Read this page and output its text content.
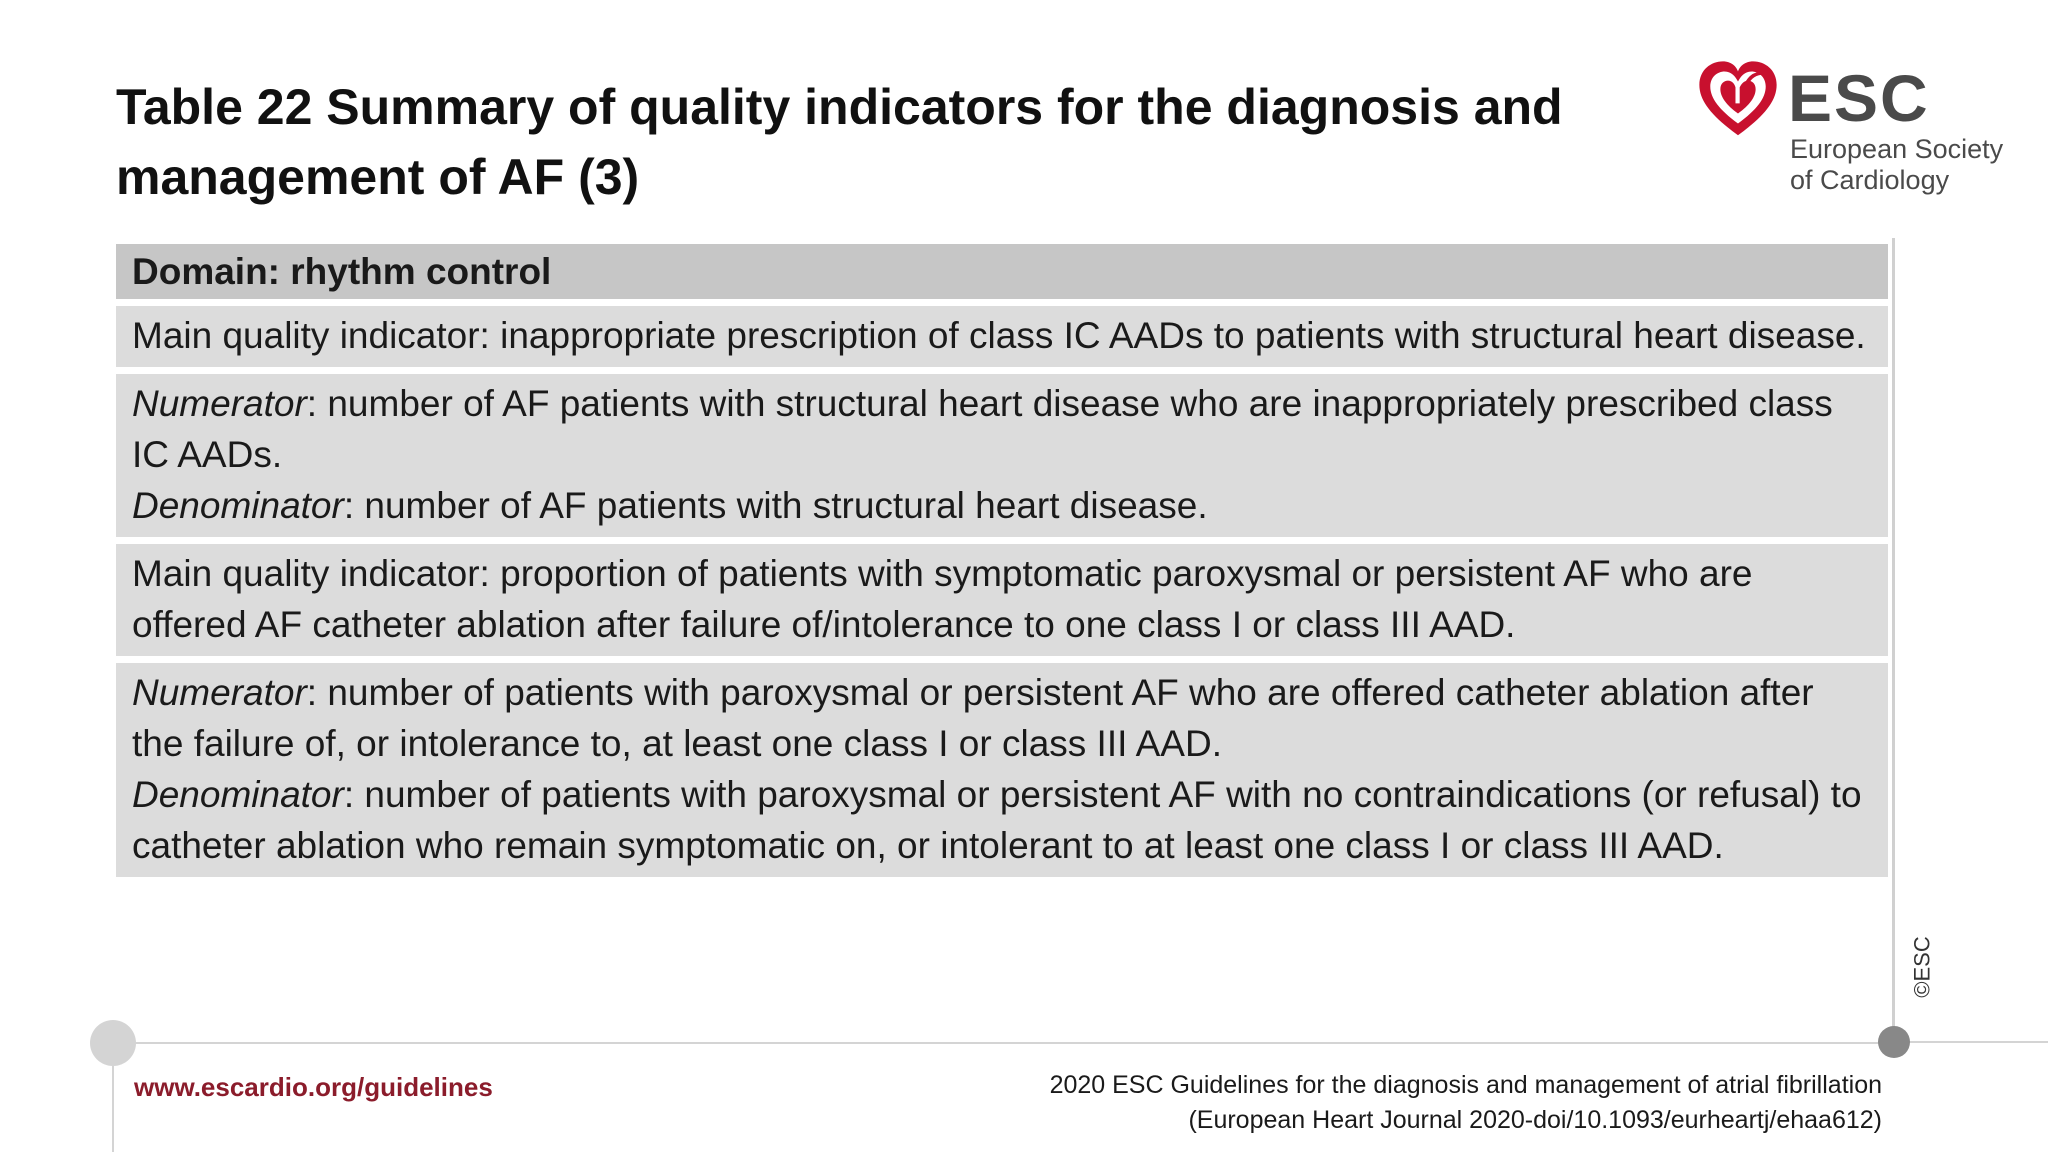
Table 22 Summary of quality indicators for the diagnosis and management of AF (3)
ESC
European Society
of Cardiology
Domain: rhythm control
Main quality indicator: inappropriate prescription of class IC AADs to patients with structural heart disease.
Numerator: number of AF patients with structural heart disease who are inappropriately prescribed class IC AADs.
Denominator: number of AF patients with structural heart disease.
Main quality indicator: proportion of patients with symptomatic paroxysmal or persistent AF who are offered AF catheter ablation after failure of/intolerance to one class I or class III AAD.
Numerator: number of patients with paroxysmal or persistent AF who are offered catheter ablation after the failure of, or intolerance to, at least one class I or class III AAD.
Denominator: number of patients with paroxysmal or persistent AF with no contraindications (or refusal) to catheter ablation who remain symptomatic on, or intolerant to at least one class I or class III AAD.
©ESC
www.escardio.org/guidelines	2020 ESC Guidelines for the diagnosis and management of atrial fibrillation
(European Heart Journal 2020-doi/10.1093/eurheartj/ehaa612)
